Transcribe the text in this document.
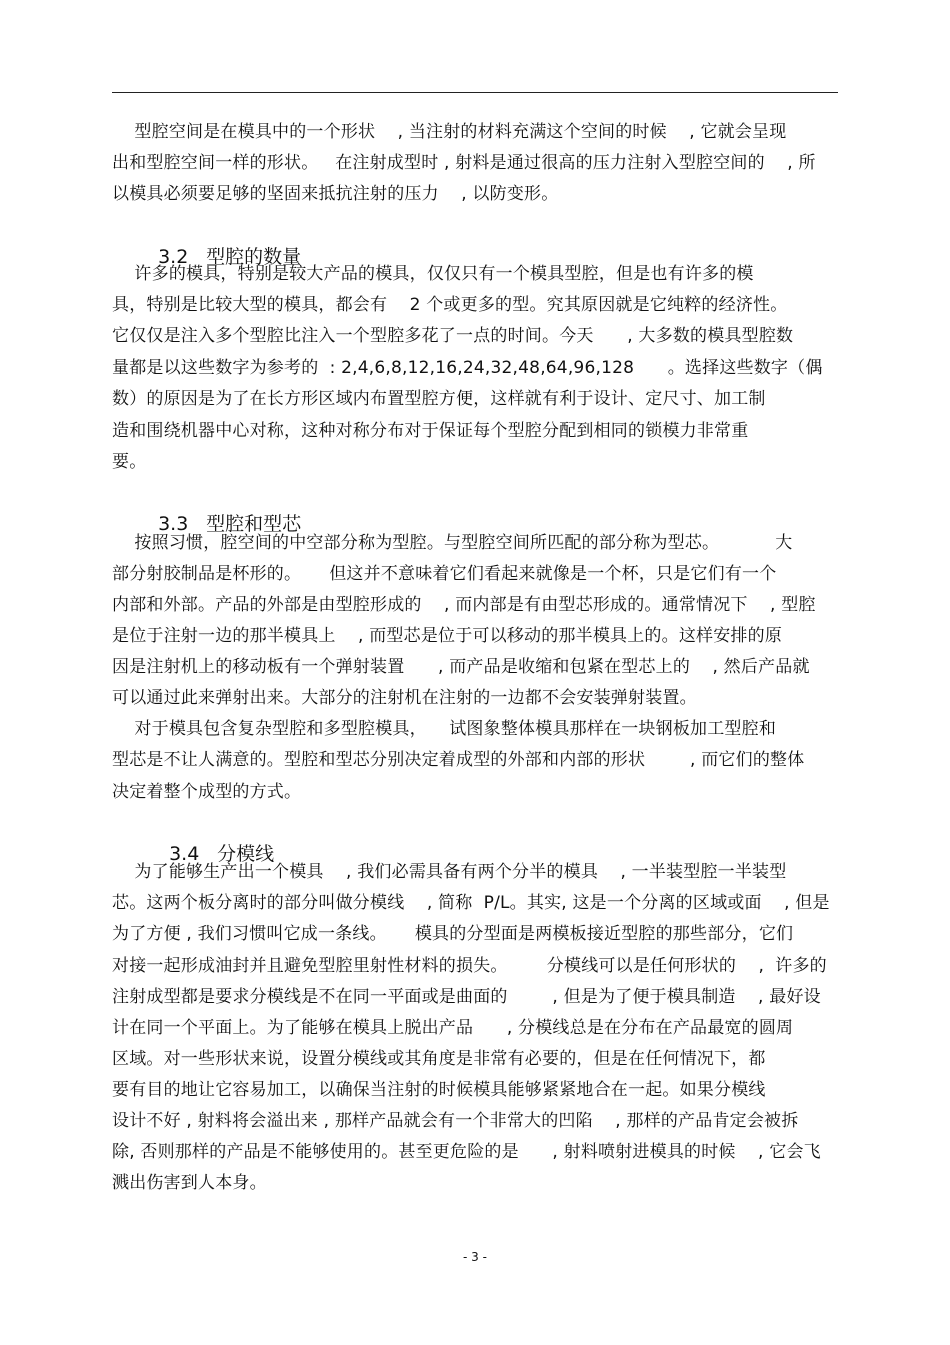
型腔空间是在模具中的一个形状    , 当注射的材料充满这个空间的时候    , 它就会呈现
出和型腔空间一样的形状。   在注射成型时 , 射料是通过很高的压力注射入型腔空间的    , 所
以模具必须要足够的坚固来抵抗注射的压力    , 以防变形。

3.2 型腔的数量

许多的模具，特别是较大产品的模具，仅仅只有一个模具型腔，但是也有许多的模
具，特别是比较大型的模具，都会有    2 个或更多的型。究其原因就是它纯粹的经济性。
它仅仅是注入多个型腔比注入一个型腔多花了一点的时间。今天      , 大多数的模具型腔数
量都是以这些数字为参考的  : 2,4,6,8,12,16,24,32,48,64,96,128      。选择这些数字（偶
数）的原因是为了在长方形区域内布置型腔方便，这样就有利于设计、定尺寸、加工制
造和围绕机器中心对称，这种对称分布对于保证每个型腔分配到相同的锁模力非常重
要。

3.3 型腔和型芯

按照习惯，腔空间的中空部分称为型腔。与型腔空间所匹配的部分称为型芯。          大
部分射胶制品是杯形的。     但这并不意味着它们看起来就像是一个杯，只是它们有一个
内部和外部。产品的外部是由型腔形成的    , 而内部是有由型芯形成的。通常情况下    , 型腔
是位于注射一边的那半模具上    , 而型芯是位于可以移动的那半模具上的。这样安排的原
因是注射机上的移动板有一个弹射装置      , 而产品是收缩和包紧在型芯上的    , 然后产品就
可以通过此来弹射出来。大部分的注射机在注射的一边都不会安装弹射装置。
对于模具包含复杂型腔和多型腔模具，    试图象整体模具那样在一块钢板加工型腔和
型芯是不让人满意的。型腔和型芯分别决定着成型的外部和内部的形状        , 而它们的整体
决定着整个成型的方式。

3.4 分模线

为了能够生产出一个模具    , 我们必需具备有两个分半的模具    , 一半装型腔一半装型
芯。这两个板分离时的部分叫做分模线    , 简称  P/L。其实, 这是一个分离的区域或面    , 但是
为了方便 , 我们习惯叫它成一条线。     模具的分型面是两模板接近型腔的那些部分，它们
对接一起形成油封并且避免型腔里射性材料的损失。       分模线可以是任何形状的    ,  许多的
注射成型都是要求分模线是不在同一平面或是曲面的        , 但是为了便于模具制造    , 最好设
计在同一个平面上。为了能够在模具上脱出产品      , 分模线总是在分布在产品最宽的圆周
区域。对一些形状来说，设置分模线或其角度是非常有必要的，但是在任何情况下，都
要有目的地让它容易加工，以确保当注射的时候模具能够紧紧地合在一起。如果分模线
设计不好 , 射料将会溢出来 , 那样产品就会有一个非常大的凹陷    , 那样的产品肯定会被拆
除, 否则那样的产品是不能够使用的。甚至更危险的是      , 射料喷射进模具的时候    , 它会飞
溅出伤害到人本身。
- 3 -
